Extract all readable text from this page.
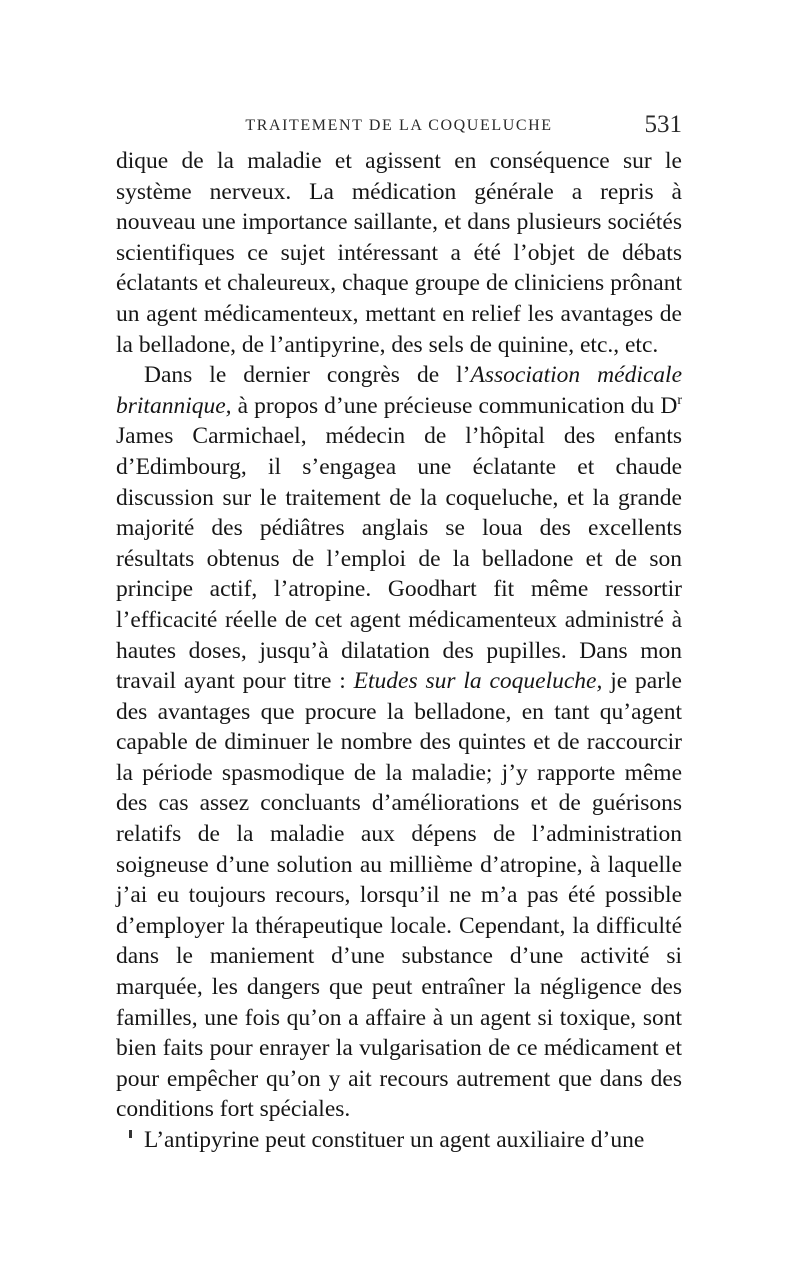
TRAITEMENT DE LA COQUELUCHE	531

dique de la maladie et agissent en conséquence sur le système nerveux. La médication générale a repris à nouveau une importance saillante, et dans plusieurs sociétés scientifiques ce sujet intéressant a été l’objet de débats éclatants et chaleureux, chaque groupe de cliniciens prônant un agent médicamenteux, mettant en relief les avantages de la belladone, de l’antipyrine, des sels de quinine, etc., etc.

Dans le dernier congrès de l’Association médicale britannique, à propos d’une précieuse communication du $D^r$ James Carmichael, médecin de l’hôpital des enfants d’Edimbourg, il s’engagea une éclatante et chaude discussion sur le traitement de la coqueluche, et la grande majorité des pédiâtres anglais se loua des excellents résultats obtenus de l’emploi de la belladone et de son principe actif, l’atropine. Goodhart fit même ressortir l’efficacité réelle de cet agent médicamenteux administré à hautes doses, jusqu’à dilatation des pupilles. Dans mon travail ayant pour titre : Etudes sur la coqueluche, je parle des avantages que procure la belladone, en tant qu’agent capable de diminuer le nombre des quintes et de raccourcir la période spasmodique de la maladie; j’y rapporte même des cas assez concluants d’améliorations et de guérisons relatifs de la maladie aux dépens de l’administration soigneuse d’une solution au millième d’atropine, à laquelle j’ai eu toujours recours, lorsqu’il ne m’a pas été possible d’employer la thérapeutique locale. Cependant, la difficulté dans le maniement d’une substance d’une activité si marquée, les dangers que peut entraîner la négligence des familles, une fois qu’on a affaire à un agent si toxique, sont bien faits pour enrayer la vulgarisation de ce médicament et pour empêcher qu’on y ait recours autrement que dans des conditions fort spéciales.

L’antipyrine peut constituer un agent auxiliaire d’une
